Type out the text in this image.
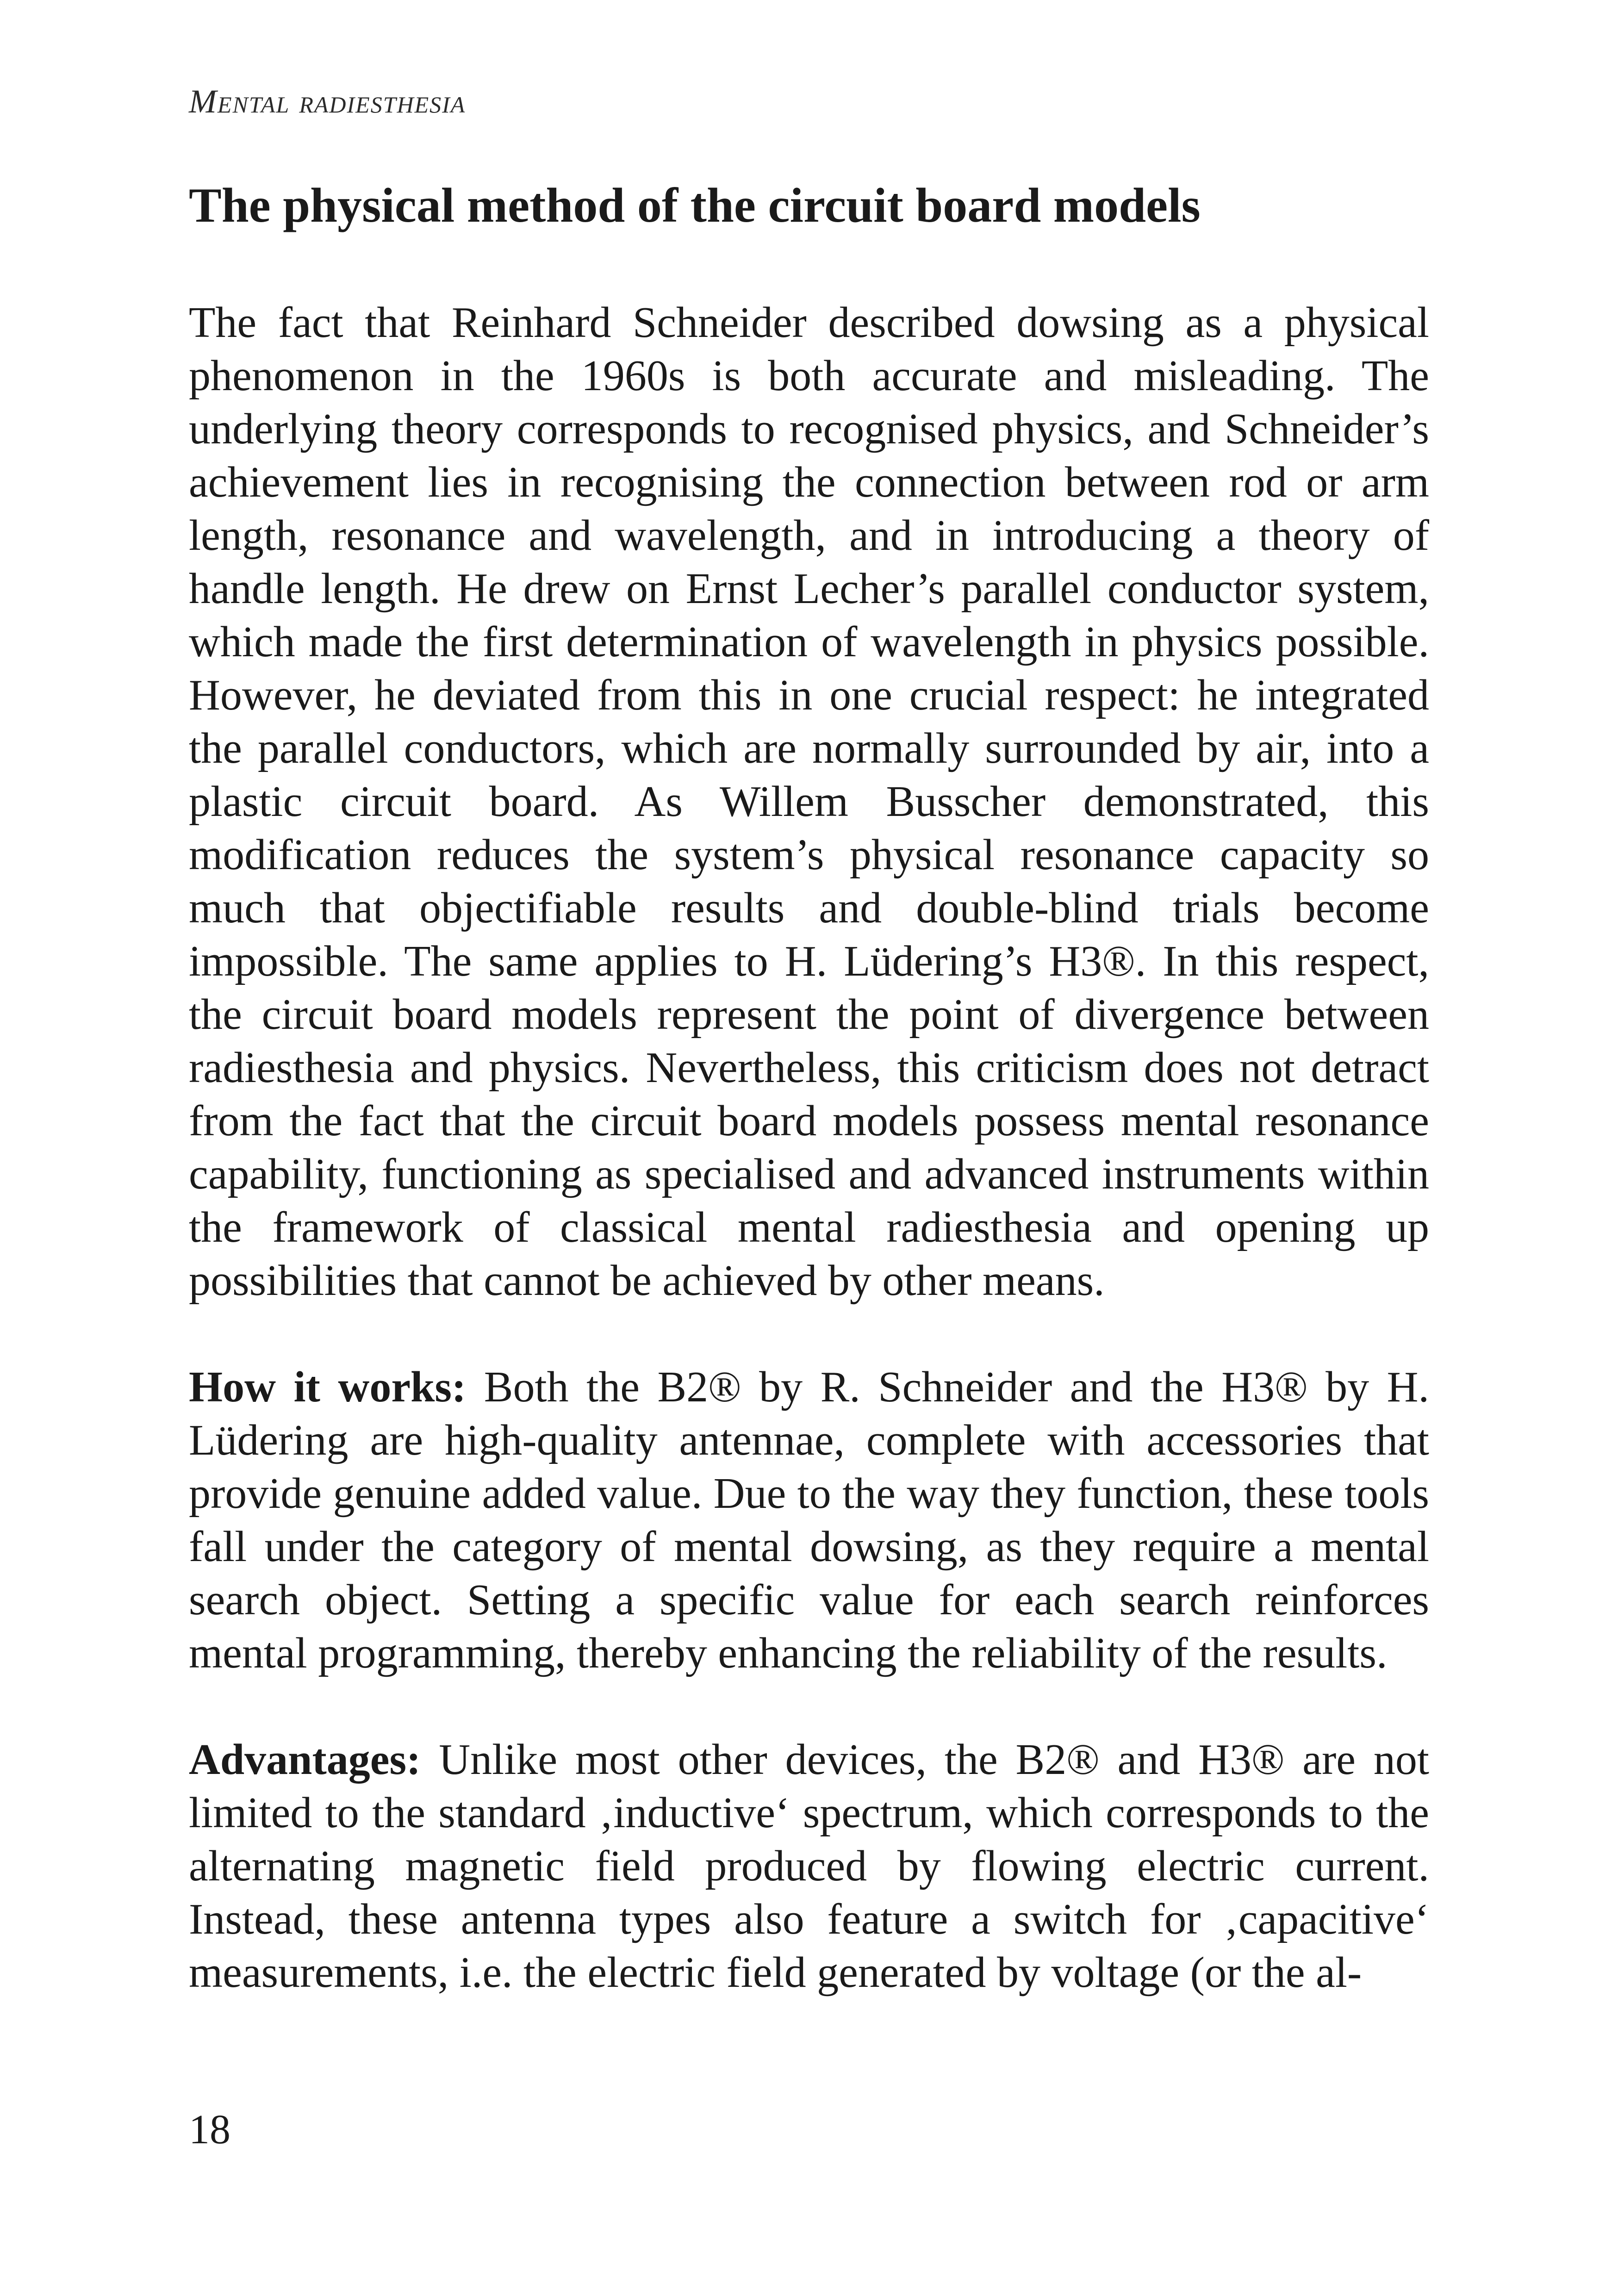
Mental radiesthesia
The physical method of the circuit board models

The fact that Reinhard Schneider described dowsing as a physical phenomenon in the 1960s is both accurate and misleading. The underlying theory corresponds to recognised physics, and Schneider’s achievement lies in recognising the connection between rod or arm length, resonance and wavelength, and in introducing a theory of handle length. He drew on Ernst Lecher’s parallel conductor system, which made the first determination of wavelength in physics possible. However, he deviated from this in one crucial respect: he integrated the parallel conductors, which are normally surrounded by air, into a plastic circuit board. As Willem Busscher demonstrated, this modification reduces the system’s physical resonance capacity so much that objectifiable results and double-blind trials become impossible. The same applies to H. Lüdering’s H3®. In this respect, the circuit board models represent the point of divergence between radiesthesia and physics. Nevertheless, this criticism does not detract from the fact that the circuit board models possess mental resonance capability, functioning as specialised and advanced instruments within the framework of classical mental radiesthesia and opening up possibilities that cannot be achieved by other means.

How it works: Both the B2® by R. Schneider and the H3® by H. Lüdering are high-quality antennae, complete with accessories that provide genuine added value. Due to the way they function, these tools fall under the category of mental dowsing, as they require a mental search object. Setting a specific value for each search reinforces mental programming, thereby enhancing the reliability of the results.

Advantages: Unlike most other devices, the B2® and H3® are not limited to the standard ‚inductive‘ spectrum, which corresponds to the alternating magnetic field produced by flowing electric current. Instead, these antenna types also feature a switch for ‚capacitive‘ measurements, i.e. the electric field generated by voltage (or the al-

18
